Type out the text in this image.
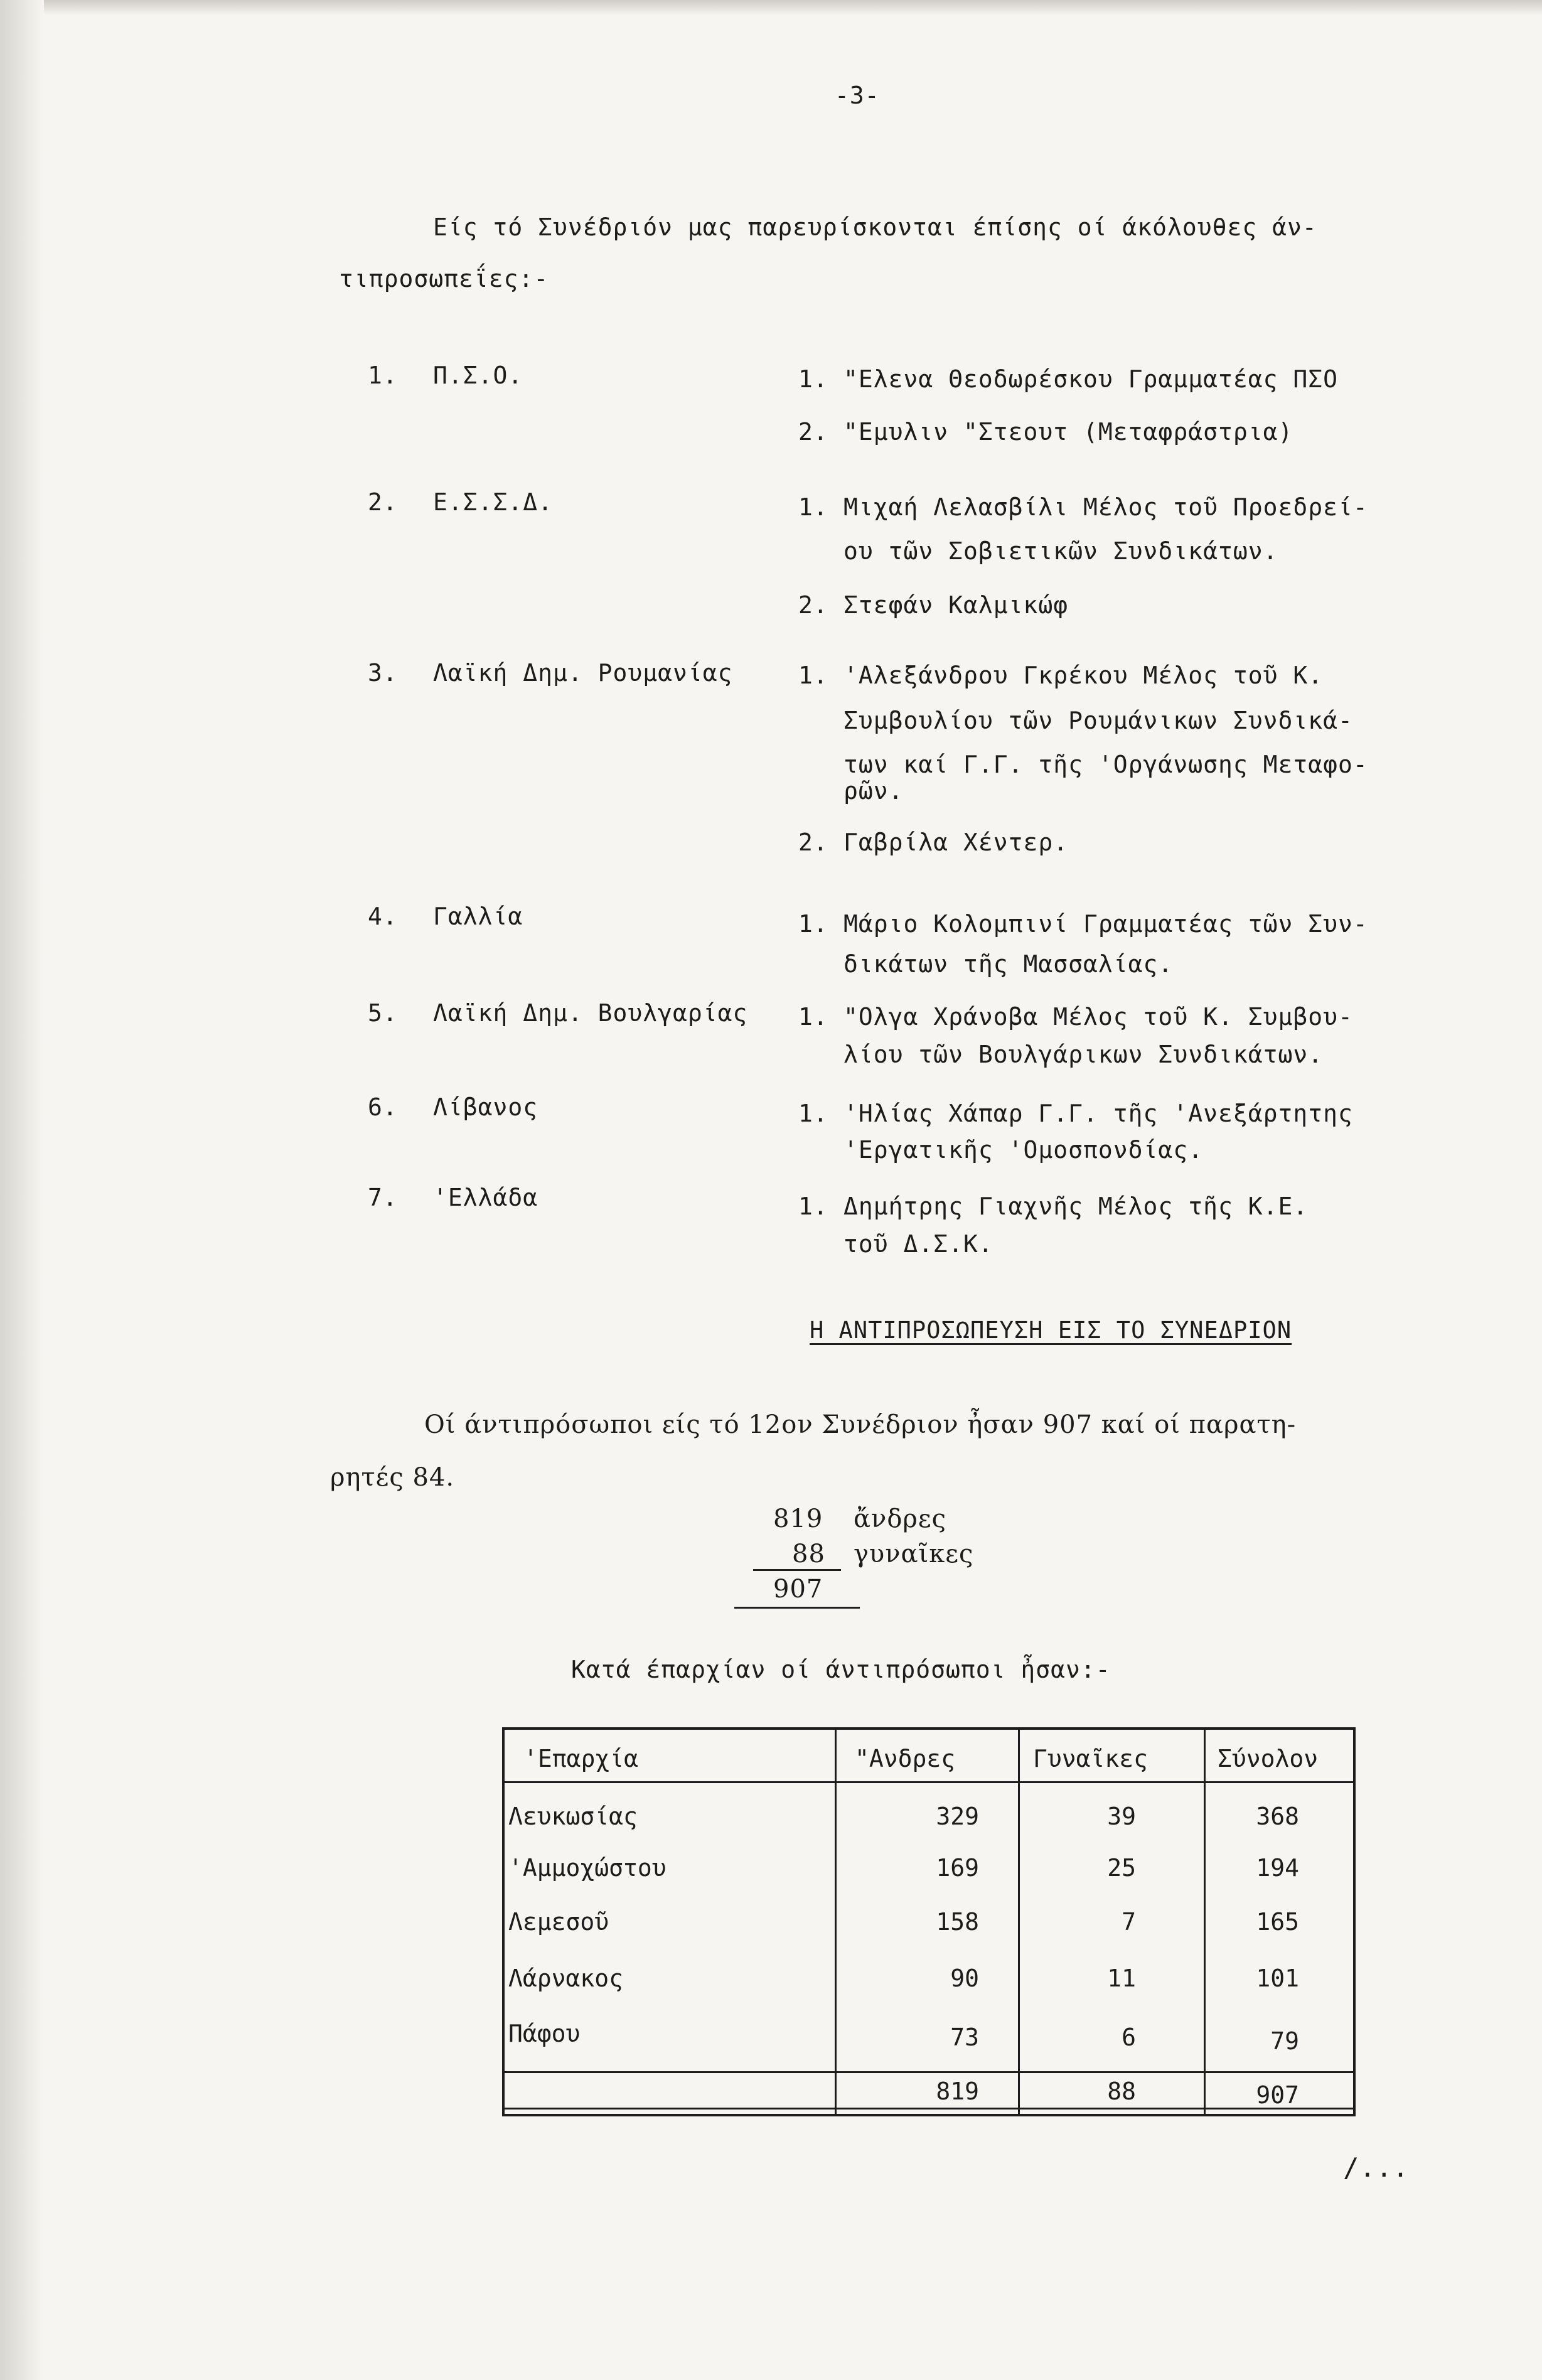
-3-
Είς τό Συνέδριόν μας παρευρίσκονται έπίσης οί άκόλουθες άν-
τιπροσωπεΐες:-
1. Π.Σ.Ο.	1. "Ελενα Θεοδωρέσκου Γραμματέας ΠΣΟ
2. "Εμυλιν "Στεουτ (Μεταφράστρια)
2. Ε.Σ.Σ.Δ.	1. Μιχαή Λελασβίλι Μέλος τοῦ Προεδρεί-
ου τῶν Σοβιετικῶν Συνδικάτων.
2. Στεφάν Καλμικώφ
3. Λαϊκή Δημ. Ρουμανίας	1. 'Αλεξάνδρου Γκρέκου Μέλος τοῦ Κ.
Συμβουλίου τῶν Ρουμάνικων Συνδικά-
των καί Γ.Γ. τῆς 'Οργάνωσης Μεταφο-
ρῶν.
2. Γαβρίλα Χέντερ.
4. Γαλλία	1. Μάριο Κολομπινί Γραμματέας τῶν Συν-
δικάτων τῆς Μασσαλίας.
5. Λαϊκή Δημ. Βουλγαρίας 1. "Ολγα Χράνοβα Μέλος τοῦ Κ. Συμβου-
λίου τῶν Βουλγάρικων Συνδικάτων.
6. Λίβανος	1. 'Ηλίας Χάπαρ Γ.Γ. τῆς 'Ανεξάρτητης
'Εργατικῆς 'Ομοσπονδίας.
7. 'Ελλάδα	1. Δημήτρης Γιαχνῆς Μέλος τῆς Κ.Ε.
τοῦ Δ.Σ.Κ.
Η ΑΝΤΙΠΡΟΣΩΠΕΥΣΗ ΕΙΣ ΤΟ ΣΥΝΕΔΡΙΟΝ
Οί άντιπρόσωποι είς τό 12ον Συνέδριον ἦσαν 907 καί οί παρατη-
ρητές 84.
819 ἄνδρες
88 γυναῖκες
907
Κατά έπαρχίαν οί άντιπρόσωποι ἦσαν:-
'Επαρχία	"Ανδρες	Γυναῖκες	Σύνολον
Λευκωσίας	329	39	368
'Αμμοχώστου	169	25	194
Λεμεσοῦ	158	7	165
Λάρνακος	90	11	101
Πάφου	73	6	79
819	88	907
/...
